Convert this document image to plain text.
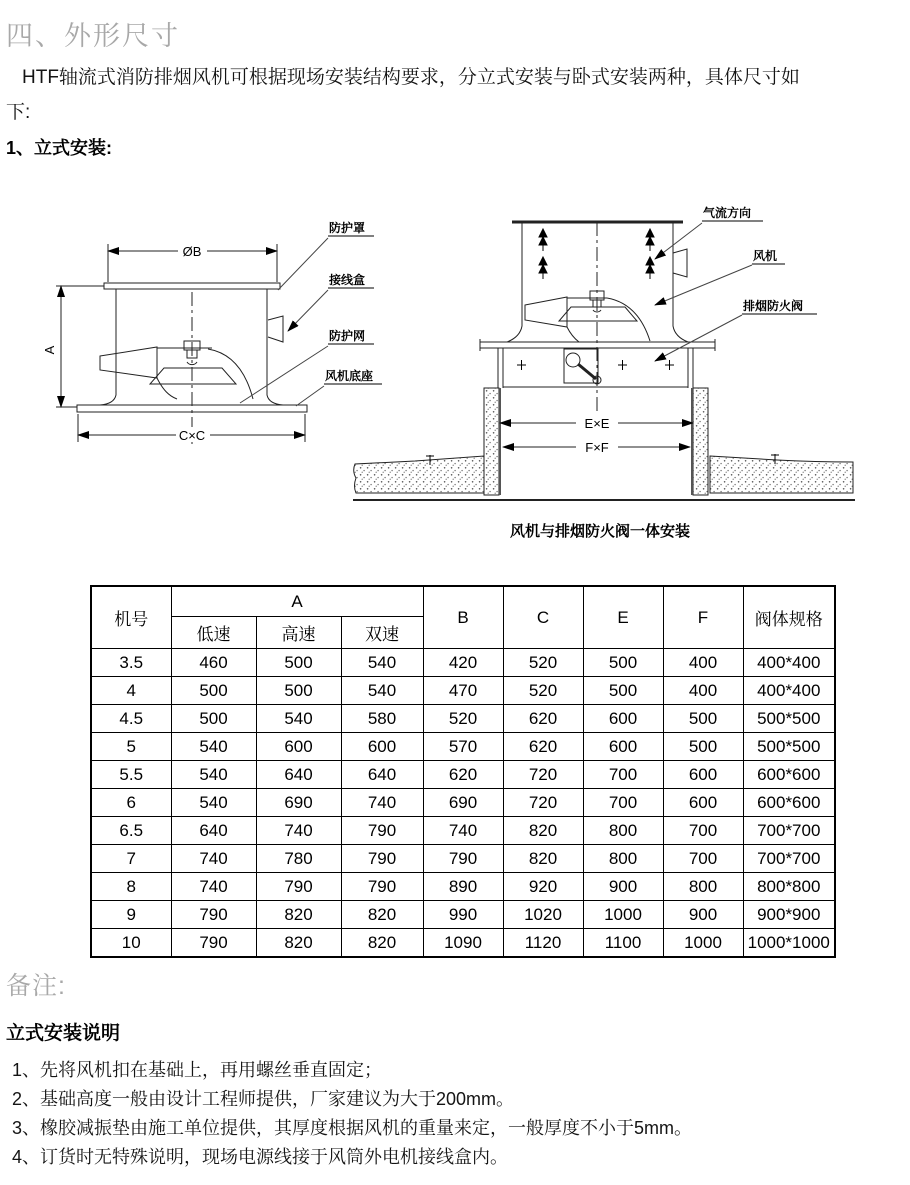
四、外形尺寸
HTF轴流式消防排烟风机可根据现场安装结构要求，分立式安装与卧式安装两种，具体尺寸如
下:
1、立式安装:
ØB
A
C×C
防护罩
接线盒
防护网
风机底座
E×E
F×F
气流方向
风机
排烟防火阀
风机与排烟防火阀一体安装
机号	A			B	C	E	F	阀体规格
	低速	高速	双速					
3.5	460	500	540	420	520	500	400	400*400
4	500	500	540	470	520	500	400	400*400
4.5	500	540	580	520	620	600	500	500*500
5	540	600	600	570	620	600	500	500*500
5.5	540	640	640	620	720	700	600	600*600
6	540	690	740	690	720	700	600	600*600
6.5	640	740	790	740	820	800	700	700*700
7	740	780	790	790	820	800	700	700*700
8	740	790	790	890	920	900	800	800*800
9	790	820	820	990	1020	1000	900	900*900
10	790	820	820	1090	1120	1100	1000	1000*1000
备注:
立式安装说明
1、先将风机扣在基础上，再用螺丝垂直固定；
2、基础高度一般由设计工程师提供，厂家建议为大于200mm。
3、橡胶减振垫由施工单位提供，其厚度根据风机的重量来定，一般厚度不小于5mm。
4、订货时无特殊说明，现场电源线接于风筒外电机接线盒内。
